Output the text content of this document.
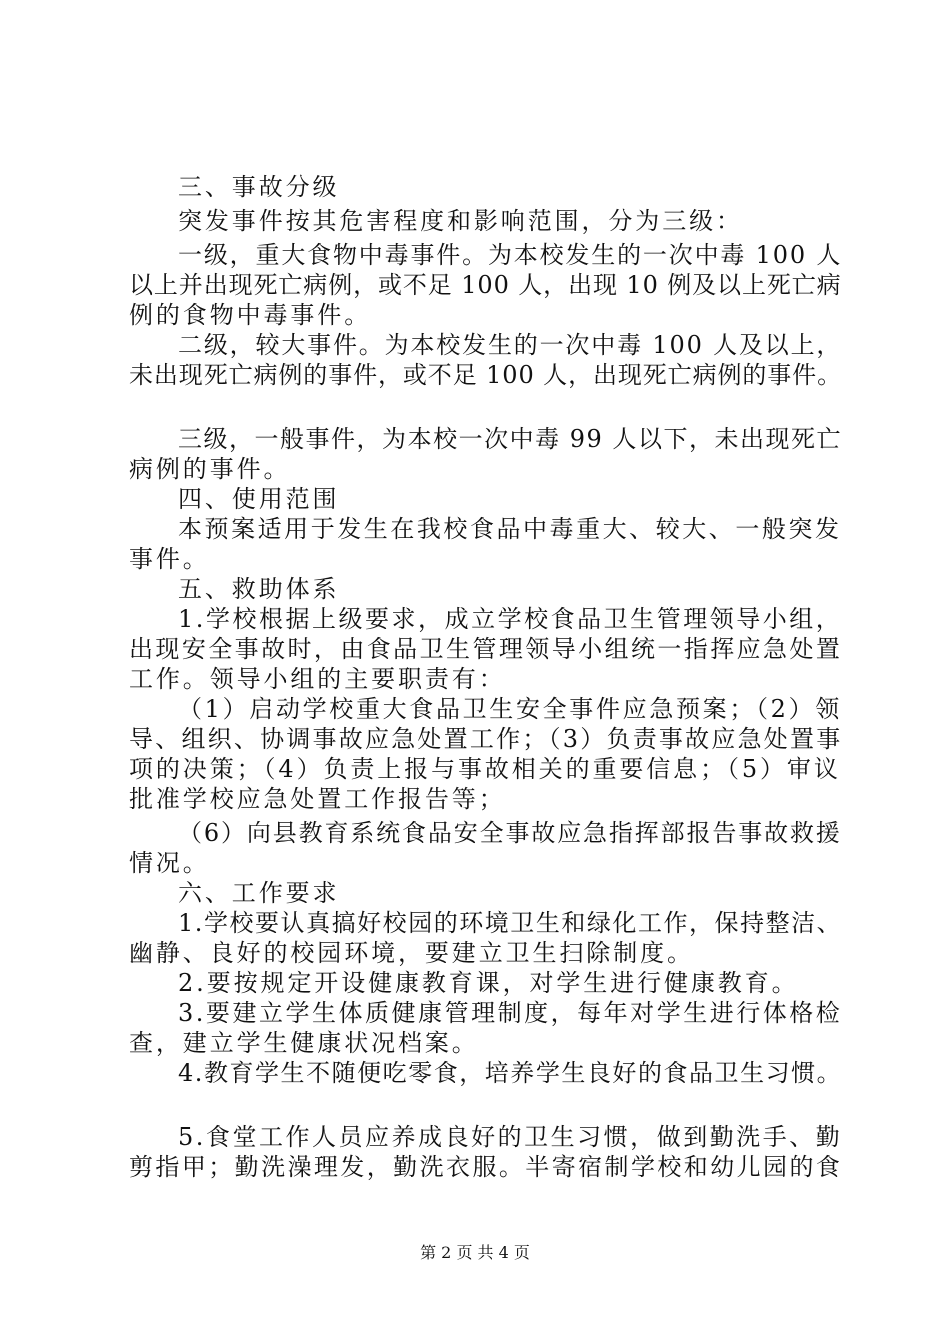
三、事故分级
突发事件按其危害程度和影响范围，分为三级：
一级，重大食物中毒事件。为本校发生的一次中毒 100 人
以上并出现死亡病例，或不足 100 人，出现 10 例及以上死亡病
例的食物中毒事件。
二级，较大事件。为本校发生的一次中毒 100 人及以上，
未出现死亡病例的事件，或不足 100 人，出现死亡病例的事件。
三级，一般事件，为本校一次中毒 99 人以下，未出现死亡
病例的事件。
四、使用范围
本预案适用于发生在我校食品中毒重大、较大、一般突发
事件。
五、救助体系
1.学校根据上级要求，成立学校食品卫生管理领导小组，
出现安全事故时，由食品卫生管理领导小组统一指挥应急处置
工作。领导小组的主要职责有：
（1）启动学校重大食品卫生安全事件应急预案；（2）领
导、组织、协调事故应急处置工作；（3）负责事故应急处置事
项的决策；（4）负责上报与事故相关的重要信息；（5）审议
批准学校应急处置工作报告等；
（6）向县教育系统食品安全事故应急指挥部报告事故救援
情况。
六、工作要求
1.学校要认真搞好校园的环境卫生和绿化工作，保持整洁、
幽静、良好的校园环境，要建立卫生扫除制度。
2.要按规定开设健康教育课，对学生进行健康教育。
3.要建立学生体质健康管理制度，每年对学生进行体格检
查，建立学生健康状况档案。
4.教育学生不随便吃零食，培养学生良好的食品卫生习惯。
5.食堂工作人员应养成良好的卫生习惯，做到勤洗手、勤
剪指甲；勤洗澡理发，勤洗衣服。半寄宿制学校和幼儿园的食
第 2 页 共 4 页
